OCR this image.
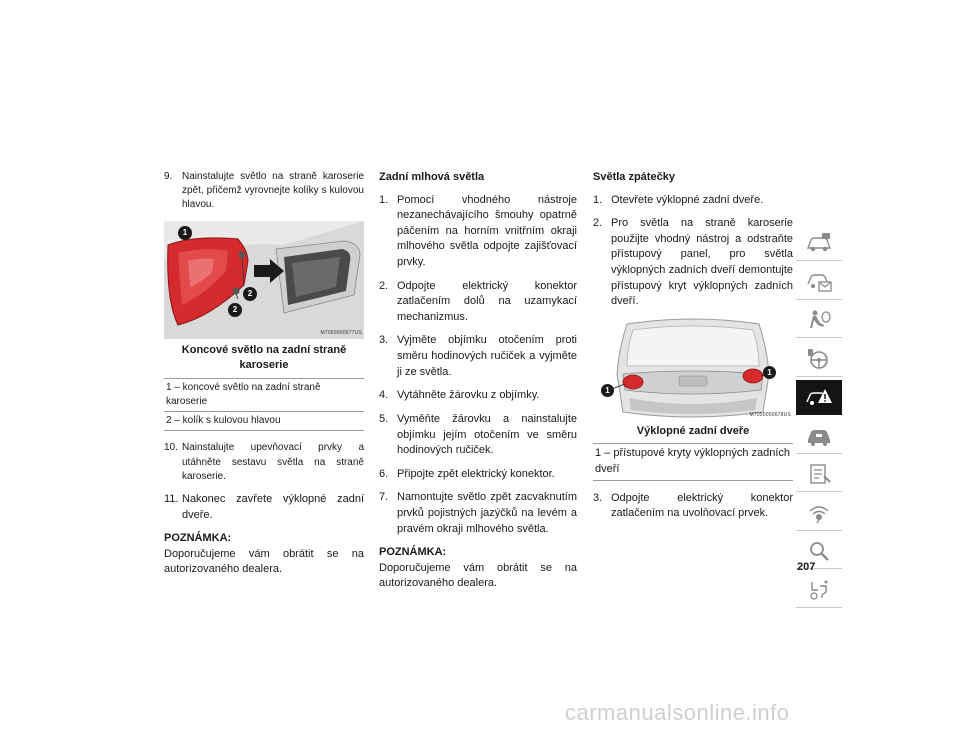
9. Nainstalujte světlo na straně karoserie zpět, přičemž vyrovnejte kolíky s kulovou hlavou.
1
2
2
M7050000677US
Koncové světlo na zadní straně karoserie
1 – koncové světlo na zadní straně karoserie
2 – kolík s kulovou hlavou
10. Nainstalujte upevňovací prvky a utáhněte sestavu světla na straně karoserie.
11. Nakonec zavřete výklopné zadní dveře.
POZNÁMKA:
Doporučujeme vám obrátit se na autorizovaného dealera.
Zadní mlhová světla
1. Pomocí vhodného nástroje nezanechávajícího šmouhy opatrně páčením na horním vnitřním okraji mlhového světla odpojte zajišťovací prvky.
2. Odpojte elektrický konektor zatlačením dolů na uzamykací mechanizmus.
3. Vyjměte objímku otočením proti směru hodinových ručiček a vyjměte ji ze světla.
4. Vytáhněte žárovku z objímky.
5. Vyměňte žárovku a nainstalujte objímku jejím otočením ve směru hodinových ručiček.
6. Připojte zpět elektrický konektor.
7. Namontujte světlo zpět zacvaknutím prvků pojistných jazýčků na levém a pravém okraji mlhového světla.
POZNÁMKA:
Doporučujeme vám obrátit se na autorizovaného dealera.
Světla zpátečky
1. Otevřete výklopné zadní dveře.
2. Pro světla na straně karoserie použijte vhodný nástroj a odstraňte přístupový panel, pro světla výklopných zadních dveří demontujte přístupový kryt výklopných zadních dveří.
1
1
M7050000678US
Výklopné zadní dveře
1 – přístupové kryty výklopných zadních dveří
3. Odpojte elektrický konektor zatlačením na uvolňovací prvek.
207
carmanualsonline.info
